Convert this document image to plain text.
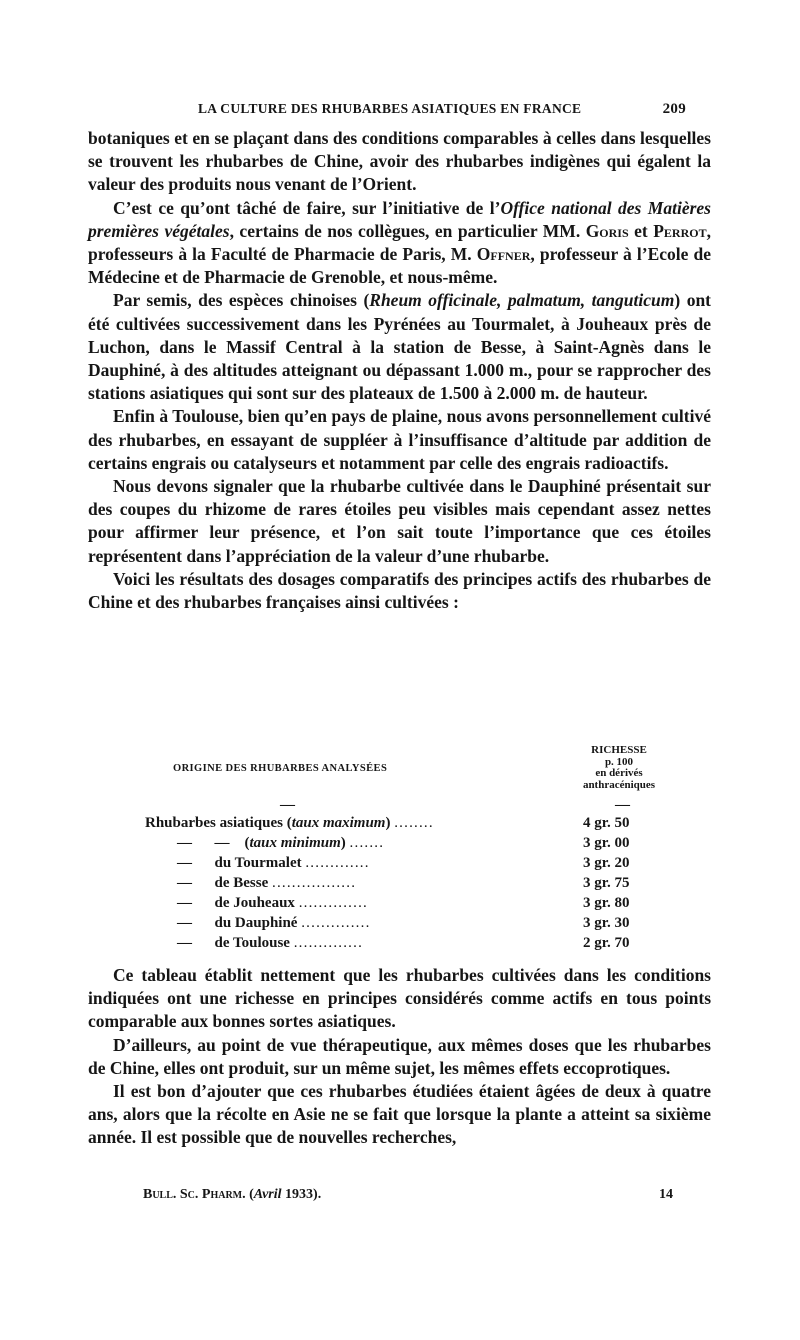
LA CULTURE DES RHUBARBES ASIATIQUES EN FRANCE	209

botaniques et en se plaçant dans des conditions comparables à celles dans lesquelles se trouvent les rhubarbes de Chine, avoir des rhubarbes indigènes qui égalent la valeur des produits nous venant de l’Orient.

C’est ce qu’ont tâché de faire, sur l’initiative de l’Office national des Matières premières végétales, certains de nos collègues, en particulier MM. Goris et Perrot, professeurs à la Faculté de Pharmacie de Paris, M. Offner, professeur à l’Ecole de Médecine et de Pharmacie de Grenoble, et nous-même.

Par semis, des espèces chinoises (Rheum officinale, palmatum, tanguticum) ont été cultivées successivement dans les Pyrénées au Tourmalet, à Jouheaux près de Luchon, dans le Massif Central à la station de Besse, à Saint-Agnès dans le Dauphiné, à des altitudes atteignant ou dépassant 1.000 m., pour se rapprocher des stations asiatiques qui sont sur des plateaux de 1.500 à 2.000 m. de hauteur.

Enfin à Toulouse, bien qu’en pays de plaine, nous avons personnellement cultivé des rhubarbes, en essayant de suppléer à l’insuffisance d’altitude par addition de certains engrais ou catalyseurs et notamment par celle des engrais radioactifs.

Nous devons signaler que la rhubarbe cultivée dans le Dauphiné présentait sur des coupes du rhizome de rares étoiles peu visibles mais cependant assez nettes pour affirmer leur présence, et l’on sait toute l’importance que ces étoiles représentent dans l’appréciation de la valeur d’une rhubarbe.

Voici les résultats des dosages comparatifs des principes actifs des rhubarbes de Chine et des rhubarbes françaises ainsi cultivées :

ORIGINE DES RHUBARBES ANALYSÉES
RICHESSE
p. 100
en dérivés
anthracéniques
—	—
Rhubarbes asiatiques (taux maximum) ........	4 gr. 50
—      —    (taux minimum) .......	3 gr. 00
—      du Tourmalet .............	3 gr. 20
—      de Besse .................	3 gr. 75
—      de Jouheaux ..............	3 gr. 80
—      du Dauphiné ..............	3 gr. 30
—      de Toulouse ..............	2 gr. 70

Ce tableau établit nettement que les rhubarbes cultivées dans les conditions indiquées ont une richesse en principes considérés comme actifs en tous points comparable aux bonnes sortes asiatiques.

D’ailleurs, au point de vue thérapeutique, aux mêmes doses que les rhubarbes de Chine, elles ont produit, sur un même sujet, les mêmes effets eccoprotiques.

Il est bon d’ajouter que ces rhubarbes étudiées étaient âgées de deux à quatre ans, alors que la récolte en Asie ne se fait que lorsque la plante a atteint sa sixième année. Il est possible que de nouvelles recherches,

Bull. Sc. Pharm. (Avril 1933).	14
